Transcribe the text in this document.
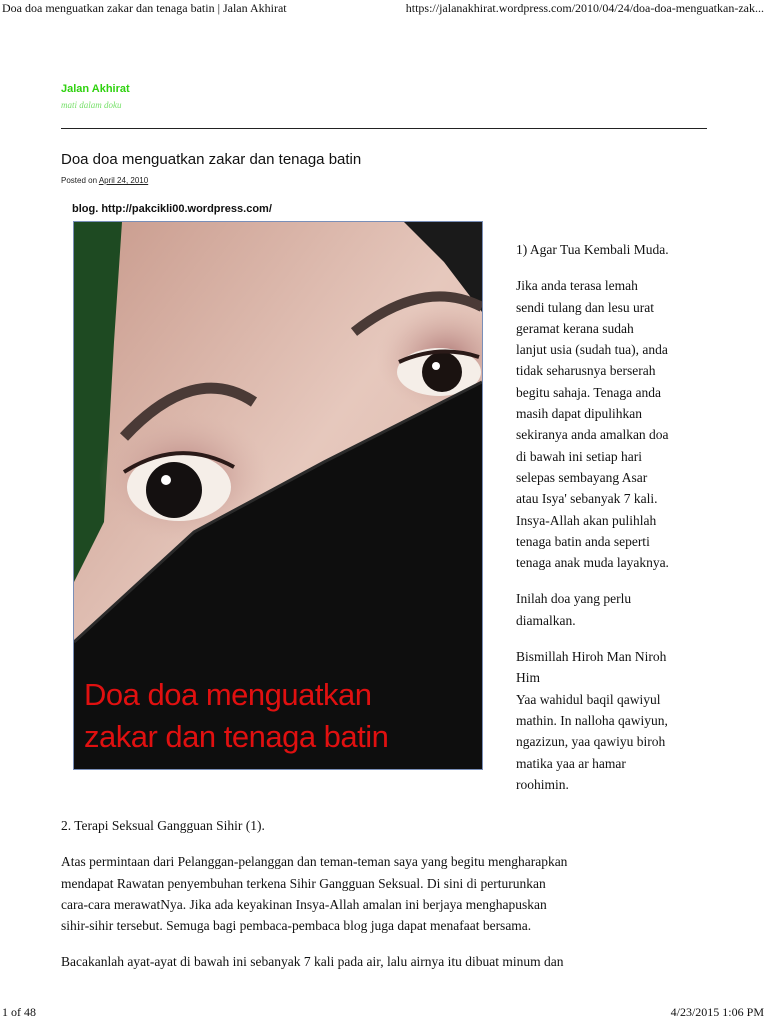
Doa doa menguatkan zakar dan tenaga batin | Jalan Akhirat	https://jalanakhirat.wordpress.com/2010/04/24/doa-doa-menguatkan-zak...
Jalan Akhirat
mati dalam doku
Doa doa menguatkan zakar dan tenaga batin
Posted on April 24, 2010
blog. http://pakcikli00.wordpress.com/
Doa doa menguatkan
zakar dan tenaga batin

1) Agar Tua Kembali Muda.

Jika anda terasa lemah
sendi tulang dan lesu urat
geramat kerana sudah
lanjut usia (sudah tua), anda
tidak seharusnya berserah
begitu sahaja. Tenaga anda
masih dapat dipulihkan
sekiranya anda amalkan doa
di bawah ini setiap hari
selepas sembayang Asar
atau Isya' sebanyak 7 kali.
Insya-Allah akan pulihlah
tenaga batin anda seperti
tenaga anak muda layaknya.

Inilah doa yang perlu
diamalkan.

Bismillah Hiroh Man Niroh
Him
Yaa wahidul baqil qawiyul
mathin. In nalloha qawiyun,
ngazizun, yaa qawiyu biroh
matika yaa ar hamar
roohimin.

2. Terapi Seksual Gangguan Sihir (1).

Atas permintaan dari Pelanggan-pelanggan dan teman-teman saya yang begitu mengharapkan
mendapat Rawatan penyembuhan terkena Sihir Gangguan Seksual. Di sini di perturunkan
cara-cara merawatNya. Jika ada keyakinan Insya-Allah amalan ini berjaya menghapuskan
sihir-sihir tersebut. Semuga bagi pembaca-pembaca blog juga dapat menafaat bersama.

Bacakanlah ayat-ayat di bawah ini sebanyak 7 kali pada air, lalu airnya itu dibuat minum dan

1 of 48	4/23/2015 1:06 PM
